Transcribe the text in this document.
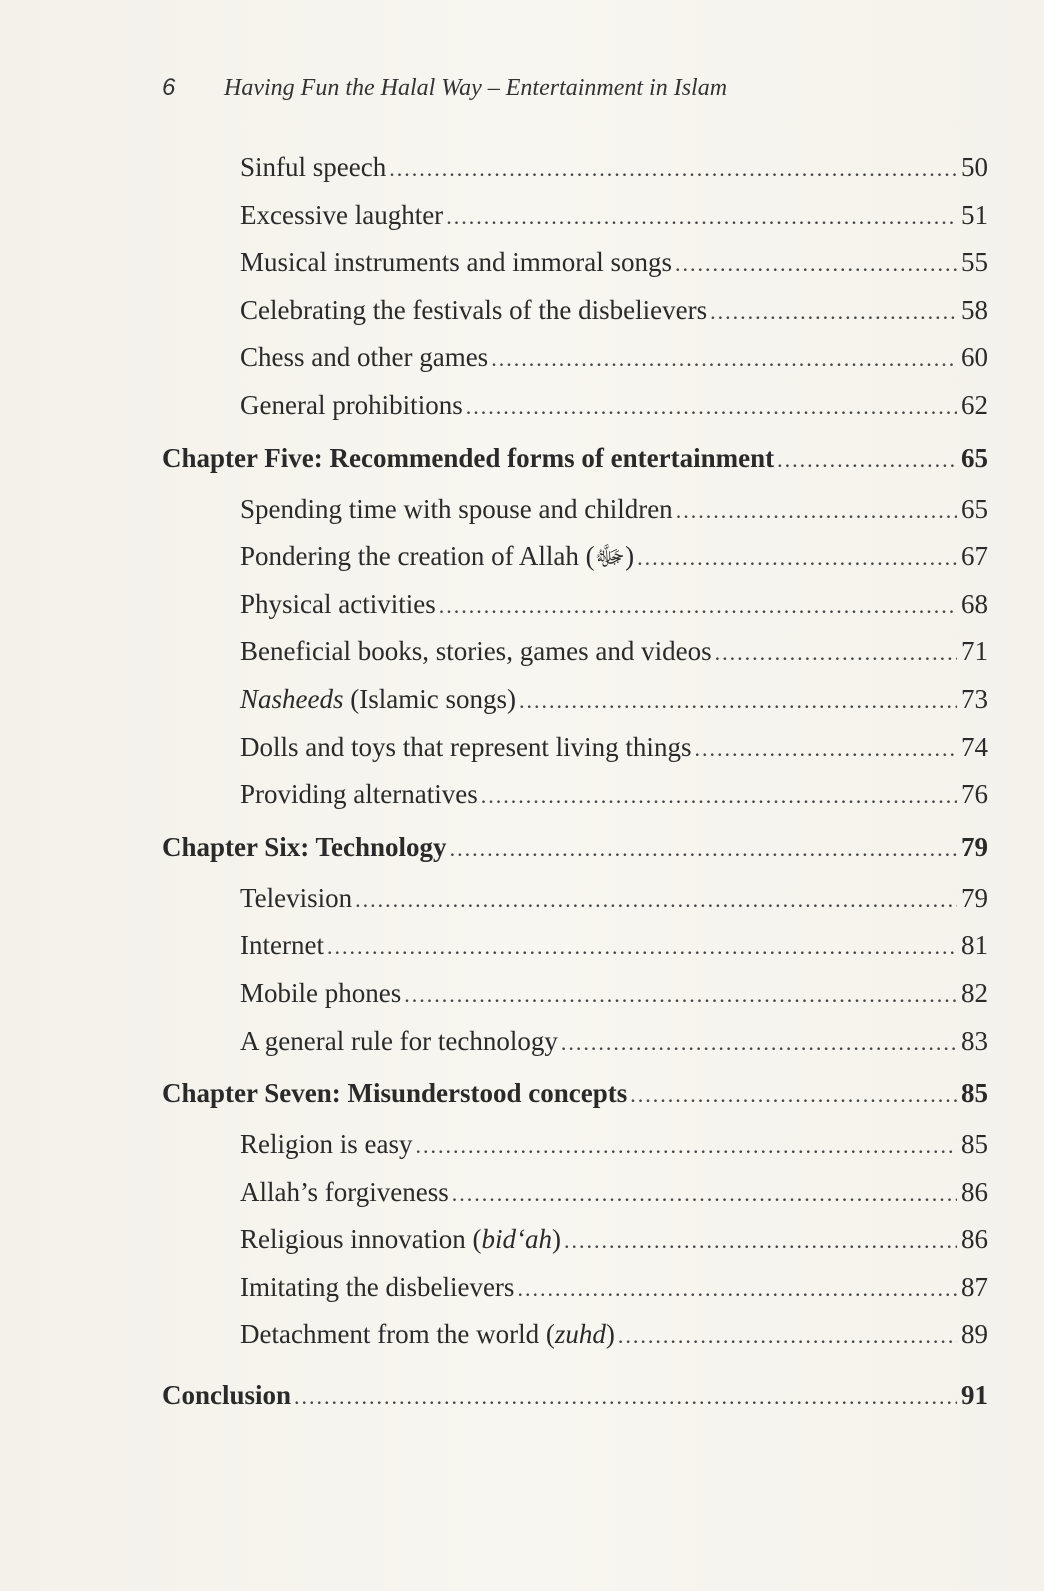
6	Having Fun the Halal Way – Entertainment in Islam
Sinful speech .....	50
Excessive laughter .....	51
Musical instruments and immoral songs .....	55
Celebrating the festivals of the disbelievers .....	58
Chess and other games .....	60
General prohibitions .....	62
Chapter Five: Recommended forms of entertainment .....	65
Spending time with spouse and children .....	65
Pondering the creation of Allah (ﷻ) .....	67
Physical activities .....	68
Beneficial books, stories, games and videos .....	71
Nasheeds (Islamic songs) .....	73
Dolls and toys that represent living things .....	74
Providing alternatives .....	76
Chapter Six: Technology .....	79
Television .....	79
Internet .....	81
Mobile phones .....	82
A general rule for technology .....	83
Chapter Seven: Misunderstood concepts .....	85
Religion is easy .....	85
Allah’s forgiveness .....	86
Religious innovation (bid‘ah) .....	86
Imitating the disbelievers .....	87
Detachment from the world (zuhd) .....	89
Conclusion .....	91
